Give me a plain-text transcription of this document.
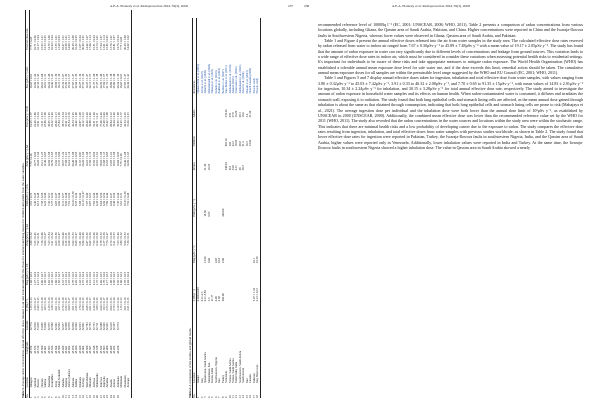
A.E.A. Elzanaty et al. Radioprotection 2024, 59(3), 2Ø45	237

Table 1. Average radon concentration, annual effective doses released to air and total annual effective doses for stomach and lung tissues for children and adults from the water samples.

No.	Location	Longitude	Latitude	C (Bq l⁻¹)	Eing (µSv y⁻¹) Ch	Eing (µSv y⁻¹) Ad	Einh (µSv y⁻¹) Ch	Einh (µSv y⁻¹) Ad	Etot (µSv y⁻¹) Ch	Etot (µSv y⁻¹) Ad	Effective dose rate
1	Alhagrat	45.574	32.774	1.15 ± 0.13	1.06 ± 0.12	3.80 ± 0.32	3.91 ± 0.31	7.79 ± 0.65	16.25 ± 1.37	10.63 ± 0.91	7.75 ± 0.65
2	Qurmah	45.574	32.816	1.59 ± 0.17	1.47 ± 0.16	5.25 ± 0.45	5.40 ± 0.43	10.77 ± 0.92	22.46 ± 1.89	14.69 ± 1.24	10.71 ± 0.90
3	Batabet	45.516	33.038	2.40 ± 0.15	2.21 ± 0.14	7.92 ± 0.51	8.15 ± 0.48	16.26 ± 1.04	33.91 ± 2.16	22.18 ± 1.43	16.17 ± 1.04
4	Hisbam	45.560	33.085	2.23 ± 0.18	2.06 ± 0.17	7.36 ± 0.60	7.58 ± 0.58	15.11 ± 1.23	31.51 ± 2.53	20.61 ± 1.68	15.03 ± 1.21
5	Salhiya	45.601	33.040	1.83 ± 0.14	1.69 ± 0.13	6.04 ± 0.47	6.22 ± 0.46	12.40 ± 0.95	25.86 ± 1.99	16.91 ± 1.31	12.33 ± 0.95
6	Almashaa	45.503	32.975	2.19 ± 0.16	2.02 ± 0.15	7.23 ± 0.54	7.45 ± 0.51	14.84 ± 1.08	30.95 ± 2.25	20.24 ± 1.48	14.76 ± 1.08
7	Abumidhra	45.526	32.982	1.58 ± 0.16	1.46 ± 0.15	5.21 ± 0.52	5.37 ± 0.50	10.70 ± 1.05	22.32 ± 2.20	14.60 ± 1.43	10.64 ± 1.04
8	Alttaj	45.564	32.961	2.01 ± 0.15	1.86 ± 0.14	6.63 ± 0.50	6.83 ± 0.47	13.62 ± 1.02	28.40 ± 2.13	18.58 ± 1.39	13.55 ± 1.01
9	Alhaj Abdullah	45.590	32.952	1.97 ± 0.14	1.82 ± 0.13	6.50 ± 0.47	6.69 ± 0.44	13.35 ± 0.96	27.84 ± 1.99	18.21 ± 1.30	13.28 ± 0.95
10	Alhadia	45.629	32.937	2.74 ± 0.18	2.53 ± 0.17	9.04 ± 0.60	9.31 ± 0.57	18.57 ± 1.22	38.73 ± 2.54	25.32 ± 1.67	18.47 ± 1.21
11	Alqurna	45.641	32.898	2.52 ± 0.15	2.33 ± 0.14	8.32 ± 0.51	8.56 ± 0.48	17.08 ± 1.01	35.61 ± 2.12	23.29 ± 1.39	16.99 ± 1.01
12	Alrabi (Ghafar)	45.654	32.870	2.09 ± 0.17	1.93 ± 0.16	6.90 ± 0.56	7.10 ± 0.54	14.16 ± 1.14	29.54 ± 2.39	19.32 ± 1.57	14.09 ± 1.13
13	Alhetaia	45.676	32.856	3.01 ± 0.16	2.78 ± 0.15	9.94 ± 0.53	10.23 ± 0.50	20.40 ± 1.08	42.54 ± 2.25	27.83 ± 1.47	20.29 ± 1.08
14	Aldlma	45.650	32.842	2.45 ± 0.14	2.26 ± 0.13	8.09 ± 0.47	8.33 ± 0.44	16.60 ± 0.95	34.62 ± 1.98	22.64 ± 1.30	16.52 ± 0.95
15	Khumais	45.629	32.815	1.76 ± 0.14	1.63 ± 0.13	5.81 ± 0.46	5.98 ± 0.44	11.93 ± 0.95	24.87 ± 1.98	16.27 ± 1.30	11.87 ± 0.94
16	Al-Hayy	45.604	32.801	2.98 ± 0.15	2.75 ± 0.14	9.84 ± 0.49	10.13 ± 0.47	20.20 ± 1.02	42.12 ± 2.12	27.55 ± 1.39	20.09 ± 1.01
17	Wad Mehlan	45.586	32.783	2.08 ± 0.16	1.92 ± 0.15	6.87 ± 0.52	7.07 ± 0.49	14.10 ± 1.08	29.40 ± 2.26	19.23 ± 1.47	14.02 ± 1.07
18	Dhatrain	45.567	32.755	2.61 ± 0.17	2.41 ± 0.16	8.62 ± 0.56	8.87 ± 0.53	17.69 ± 1.15	36.88 ± 2.40	24.13 ± 1.57	17.60 ± 1.14
19	Aldbesa	45.548	32.733	2.30 ± 0.14	2.12 ± 0.13	7.59 ± 0.46	7.82 ± 0.44	15.59 ± 0.94	32.51 ± 1.96	21.27 ± 1.28	15.51 ± 0.94
20	Mahmoudia	45.538	32.711	1.89 ± 0.15	1.75 ± 0.14	6.24 ± 0.50	6.43 ± 0.48	12.81 ± 1.01	26.71 ± 2.11	17.47 ± 1.38	12.74 ± 1.01
21	Alshbwa	45.522	32.688	2.66 ± 0.16	2.46 ± 0.15	8.78 ± 0.53	9.04 ± 0.50	18.03 ± 1.08	37.60 ± 2.26	24.59 ± 1.48	17.94 ± 1.07
22	Alshbeha	45.503	32.665	1.93 ± 0.17	1.78 ± 0.16	6.37 ± 0.56	6.56 ± 0.54	13.08 ± 1.15	27.28 ± 2.40	17.84 ± 1.57	13.01 ± 1.14
23	Alfadlia	45.486	32.641	2.35 ± 0.14	2.17 ± 0.13	7.76 ± 0.47	7.99 ± 0.44	15.93 ± 0.95	33.22 ± 1.98	21.72 ± 1.30	15.85 ± 0.95
24	Alsada	45.469	32.619	2.04 ± 0.15	1.88 ± 0.14	6.74 ± 0.50	6.94 ± 0.47	13.83 ± 1.01	28.84 ± 2.12	18.86 ± 1.38	13.76 ± 1.01
25	Jabiraa	45.452	32.597	2.79 ± 0.16	2.58 ± 0.15	9.21 ± 0.53	9.48 ± 0.50	18.91 ± 1.08	39.44 ± 2.26	25.80 ± 1.48	18.81 ± 1.07
26	Alshmaia	45.436	32.574	2.19 ± 0.14	2.02 ± 0.13	7.23 ± 0.46	7.45 ± 0.44	14.84 ± 0.95	30.95 ± 1.98	20.24 ± 1.30	14.76 ± 0.94
	Minimum			1.15 ± 0.13	1.06 ± 0.12	3.80 ± 0.32	3.91 ± 0.31	7.79 ± 0.65	16.25 ± 1.37	10.63 ± 0.91	7.75 ± 0.65
	Maximum			3.01 ± 0.16	2.78 ± 0.15	9.94 ± 0.53	10.23 ± 0.50	20.40 ± 1.08	42.54 ± 2.25	27.83 ± 1.47	20.29 ± 1.08
	Average			2.21 ± 0.15	2.04 ± 0.14	7.30 ± 0.51	7.52 ± 0.48	14.99 ± 1.03	31.26 ± 2.15	20.44 ± 1.41	14.92 ± 1.02

Table 2. A comparison of the studies and global trends.

No.	Location	C (Bq l⁻¹)	Eing (µSv y⁻¹)	Einh (µSv y⁻¹)	Infants	Children	Adults	References
1	Ghana	0.026-0.093						Opoku-Ntim et al. (2019)
2	Iraq	0.11-2.3						Jabbar et al. (2023)
3	Qassim area, Saudi Arabia	0.11-5.84	12.90	18.50	31.30			Alharbi et al. (2020)
4	Mazandaran, Iran	3.5	6.60	9.95	16.55			Mohammadi et al. (2020)
5	Kerala, India	11.37						Sukanya et al. (2021)
6	Southwestern, Nigeria	4.20	4.05					Kolade et al. (2016)
7	Iran	2.58	8.18					Bakhtiari et al. (2018)
8	Turkey	200.00	2.00	200.00				Bozkurt et al. (2007)
9	Venezuela				548.04	863.10	332.20	Sajo-Bohus et al. (2011)
10	Yemen, Saudi Arabia				216	326	276	Alkhomashi et al. (2016)
11	Yemen, Saudi Arabia				54.8	43.2	27.8	Ahmed (2023)
12	Tamil Nadu, India				0.11	18.65	19.26	Srinivasan et al. (2022)
13	Southwestern, Saudi Arabia				28	28.8	28.3	Alkhomashi et al. (2021)
14	Saudi Arabia				38.3	21.5	16.6	Alsaif et al. (2024)
15	Iran					18.3	3.4	Moradi et al. (2023)
16	Canada					14.99	31.26	Health Canada (2009)
17	Pakistan	5.47 ± 1.34	0.11					Present study
18	Iraq, Wasit state	2.21 ± 0.15	19.30					Present study
238	A.E.A. Elzanaty et al. Radioprotection 2024, 59(3), 2Ø45

recommended reference level of 1000Bq l⁻¹ (EC, 2001; UNSCEAR, 2008; WHO, 2011). Table 2 presents a comparison of radon concentrations from various locations globally, including Ghana, the Qassim area of Saudi Arabia, Pakistan, and China. Higher concentrations were reported in China and the Iwaraja-Ilowora faults in Southwestern Nigeria, whereas lower values were observed in Ghana, Qassim area of Saudi Arabia, and Pakistan.

Table 1 and Figure 4 present the annual effective doses released into the air from water samples in the study area. The calculated effective dose rates reserved by radon released from water to indoor air ranged from 7.67 ± 0.30µSv y⁻¹ to 45.89 ± 7.48µSv y⁻¹ with a mean value of 19.17 ± 2.05µSv y⁻¹. The study has found that the amount of radon exposure in water can vary significantly due to different levels of concentrations and leakage from ground sources. This variation leads to a wide range of effective dose rates in indoor air, which must be considered in consider these variations when assessing potential health risks to residential settings. It's important for individuals to be aware of these risks and take appropriate measures to mitigate radon exposure. The World Health Organization (WHO) has established a tolerable annual mean exposure dose level for safe water use, and if the dose exceeds this limit, remedial action should be taken. The cumulative annual mean exposure doses for all samples are within the permissible level range suggested by the WHO and EU Council (EC, 2001; WHO, 2011).

Table 1 and Figures 5 and 7 display annual effective doses taken for ingestion, inhalation and total effective dose from water samples, with values ranging from 3.80 ± 0.32µSv y⁻¹ to 45.03 ± 7.42µSv y⁻¹, 3.91 ± 0.33 to 46.32 ± 2.08µSv y⁻¹, and 7.70 ± 0.65 to 91.35 ± 15µSv y⁻¹, with mean values of 14.83 ± 2.01µSv y⁻¹ for ingestion, 10.34 ± 2.24µSv y⁻¹ for inhalation, and 30.15 ± 3.28µSv y⁻¹ for total annual effective dose rate, respectively. The study aimed to investigate the amount of radon exposure in household water samples and its effects on human health. When radon-contaminated water is consumed, it diffuses and irradiates the stomach wall, exposing it to radiation. The study found that both lung epithelial cells and stomach lining cells are affected, as the mean annual dose gained through inhalation is about the same as that obtained through consumption, indicating that both lung epithelial cells and stomach lining cells are prone to risk (Mahajaya et al., 2021). The average ingestion dose per individual and the inhalation dose were both lower than the annual dose limit of 10³µSv y⁻¹, as established by UNSCEAR in 2000 (UNSCEAR, 2000). Additionally, the combined mean effective dose was lower than the recommended reference value set by the WHO for 2011 (WHO, 2011). The study also revealed that the radon concentrations in the water sources and locations within the study area were within the stochastic range. This indicates that there are minimal health risks and a low probability of developing cancer due to the exposure to radon. The study compares the effective dose rates resulting from ingestion, inhalation, and total effective doses from water samples with previous studies worldwide, as shown in Table 2. The study found that lower effective dose rates for ingestion were reported in Pakistan, Turkey, the Iwaraja-Ilowora faults in southwestern Nigeria, India, and the Qassim area of Saudi Arabia, higher values were reported only in Venezuela. Additionally, lower inhalation values were reported in India and Turkey. At the same time, the Iwaraja-Ilowora faults in southwestern Nigeria showed a higher inhalation dose. The value in Qassim area in Saudi Arabia showed a nearly
